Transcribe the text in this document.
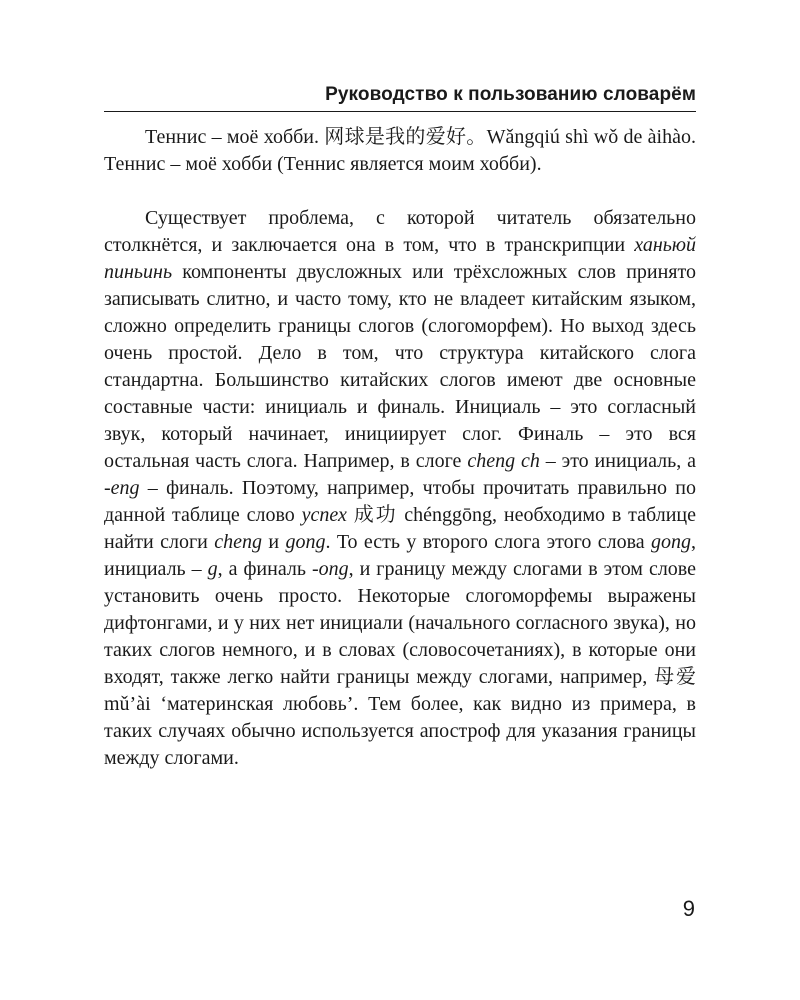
Руководство к пользованию словарём

Теннис – моё хобби. 网球是我的爱好。Wǎngqiú shì wǒ de àihào. Теннис – моё хобби (Теннис является моим хобби).

Существует проблема, с которой читатель обязательно столкнётся, и заключается она в том, что в транскрипции ханьюй пиньинь компоненты двусложных или трёхсложных слов принято записывать слитно, и часто тому, кто не владеет китайским языком, сложно определить границы слогов (слогоморфем). Но выход здесь очень простой. Дело в том, что структура китайского слога стандартна. Большинство китайских слогов имеют две основные составные части: инициаль и финаль. Инициаль – это согласный звук, который начинает, инициирует слог. Финаль – это вся остальная часть слога. Например, в слоге cheng ch – это инициаль, а -eng – финаль. Поэтому, например, чтобы прочитать правильно по данной таблице слово успех 成功 chénggōng, необходимо в таблице найти слоги cheng и gong. То есть у второго слога этого слова gong, инициаль – g, а финаль -ong, и границу между слогами в этом слове установить очень просто. Некоторые слогоморфемы выражены дифтонгами, и у них нет инициали (начального согласного звука), но таких слогов немного, и в словах (словосочетаниях), в которые они входят, также легко найти границы между слогами, например, 母爱 mǔ’ài ‘материнская любовь’. Тем более, как видно из примера, в таких случаях обычно используется апостроф для указания границы между слогами.

9
